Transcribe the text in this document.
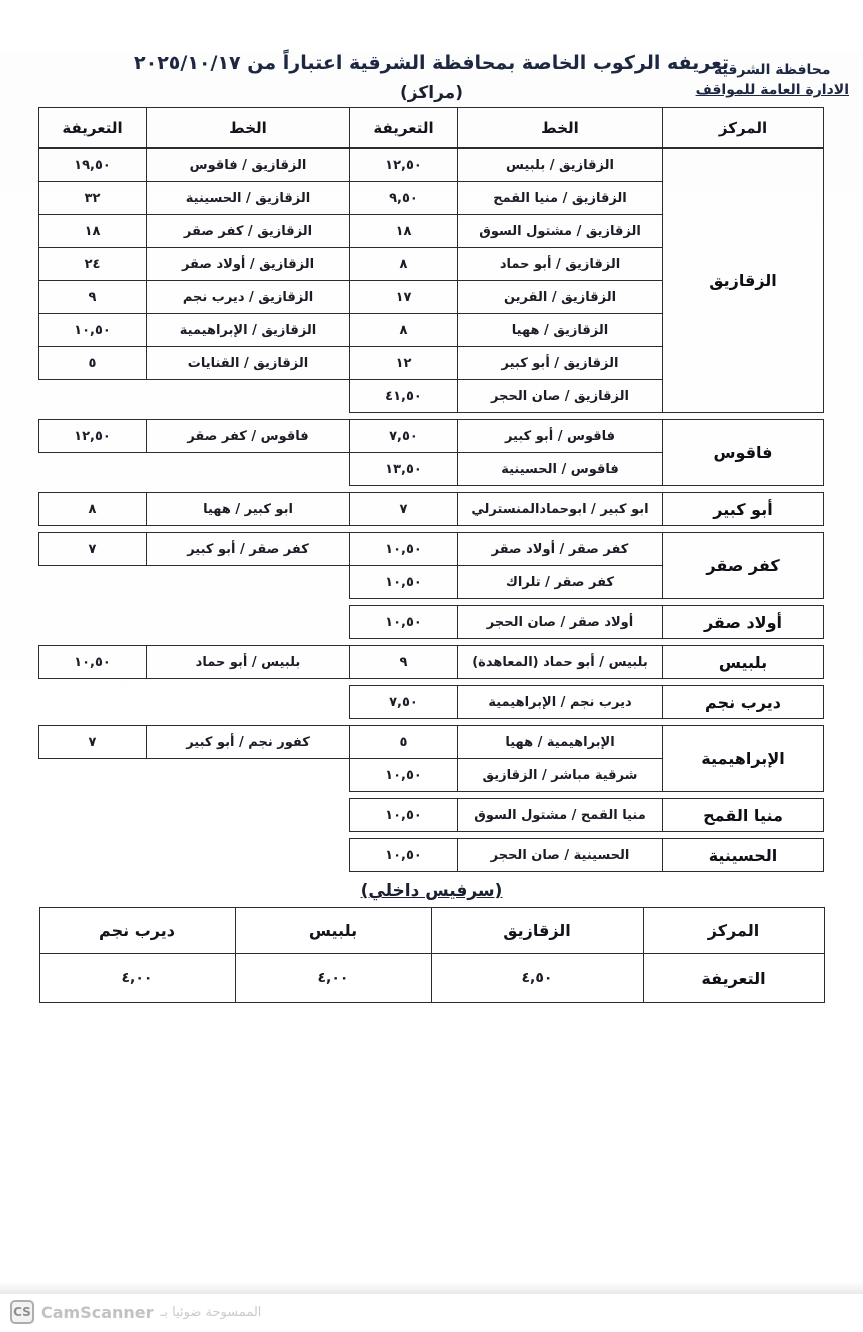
محافظة الشرقية
الادارة العامة للمواقف
تعريفه الركوب الخاصة بمحافظة الشرقية اعتباراً من ٢٠٢٥/١٠/١٧
(مراكز)
المركز	الخط	التعريفة	الخط	التعريفة
الزقازيق	الزقازيق / بلبيس	١٢,٥٠	الزقازيق / فاقوس	١٩,٥٠
	الزقازيق / منيا القمح	٩,٥٠	الزقازيق / الحسينية	٣٢
	الزقازيق / مشتول السوق	١٨	الزقازيق / كفر صقر	١٨
	الزقازيق / أبو حماد	٨	الزقازيق / أولاد صقر	٢٤
	الزقازيق / القرين	١٧	الزقازيق / ديرب نجم	٩
	الزقازيق / ههيا	٨	الزقازيق / الإبراهيمية	١٠,٥٠
	الزقازيق / أبو كبير	١٢	الزقازيق / القنايات	٥
	الزقازيق / صان الحجر	٤١,٥٠		
فاقوس	فاقوس / أبو كبير	٧,٥٠	فاقوس / كفر صقر	١٢,٥٠
	فاقوس / الحسينية	١٣,٥٠		
أبو كبير	ابو كبير / ابوحمادالمنسترلي	٧	ابو كبير / ههيا	٨
كفر صقر	كفر صقر / أولاد صقر	١٠,٥٠	كفر صقر / أبو كبير	٧
	كفر صقر / تلراك	١٠,٥٠		
أولاد صقر	أولاد صقر / صان الحجر	١٠,٥٠		
بلبيس	بلبيس / أبو حماد (المعاهدة)	٩	بلبيس / أبو حماد	١٠,٥٠
ديرب نجم	ديرب نجم / الإبراهيمية	٧,٥٠		
الإبراهيمية	الإبراهيمية / ههيا	٥	كفور نجم / أبو كبير	٧
	شرقية مباشر / الزقازيق	١٠,٥٠		
منيا القمح	منيا القمح / مشتول السوق	١٠,٥٠		
الحسينية	الحسينية / صان الحجر	١٠,٥٠		
(سرفيس داخلي)
المركز	الزقازيق	بلبيس	ديرب نجم
التعريفة	٤,٥٠	٤,٠٠	٤,٠٠
CS CamScanner الممسوحة ضوئيا بـ
